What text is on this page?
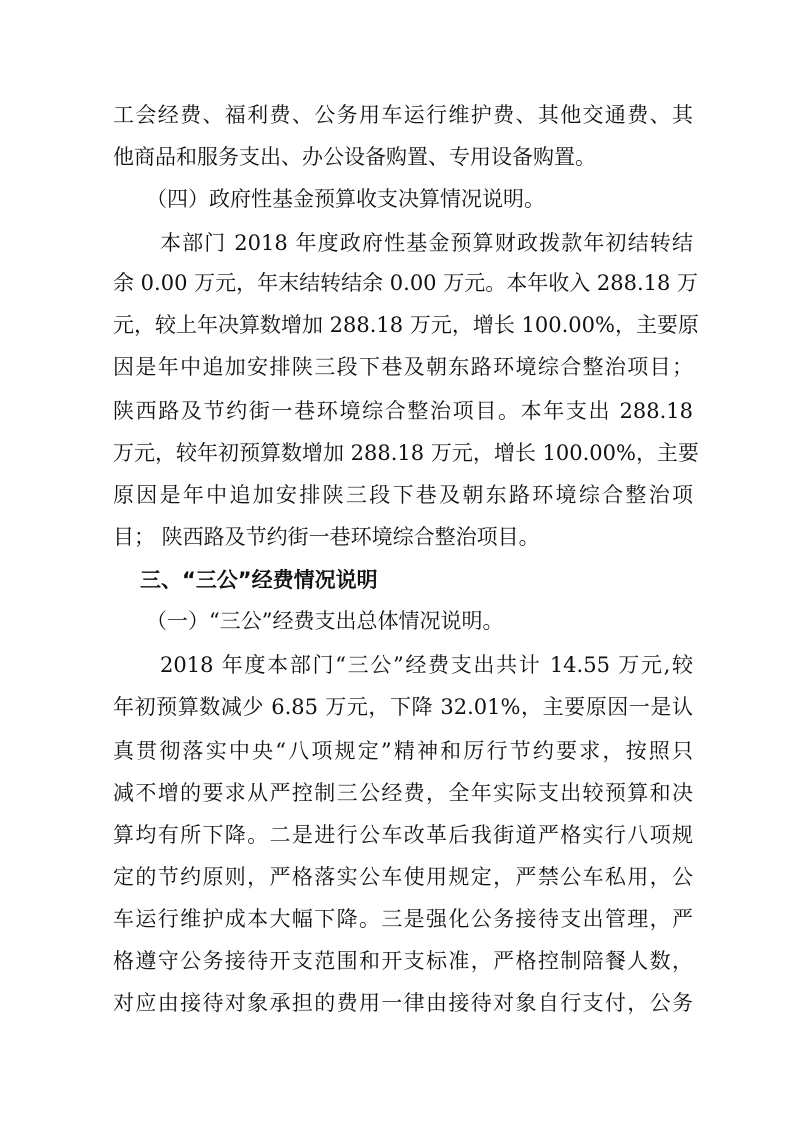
工会经费、福利费、公务用车运行维护费、其他交通费、其
他商品和服务支出、办公设备购置、专用设备购置。
（四）政府性基金预算收支决算情况说明。
本部门 2018 年度政府性基金预算财政拨款年初结转结
余 0.00 万元，年末结转结余 0.00 万元。本年收入 288.18 万
元，较上年决算数增加 288.18 万元，增长 100.00%，主要原
因是年中追加安排陕三段下巷及朝东路环境综合整治项目；
陕西路及节约街一巷环境综合整治项目。本年支出 288.18
万元，较年初预算数增加 288.18 万元，增长 100.00%，主要
原因是年中追加安排陕三段下巷及朝东路环境综合整治项
目； 陕西路及节约街一巷环境综合整治项目。
三、“三公”经费情况说明
（一）“三公”经费支出总体情况说明。
2018 年度本部门“三公”经费支出共计 14.55 万元,较
年初预算数减少 6.85 万元，下降 32.01%，主要原因一是认
真贯彻落实中央“八项规定”精神和厉行节约要求，按照只
减不增的要求从严控制三公经费，全年实际支出较预算和决
算均有所下降。二是进行公车改革后我街道严格实行八项规
定的节约原则，严格落实公车使用规定，严禁公车私用，公
车运行维护成本大幅下降。三是强化公务接待支出管理，严
格遵守公务接待开支范围和开支标准，严格控制陪餐人数，
对应由接待对象承担的费用一律由接待对象自行支付，公务
